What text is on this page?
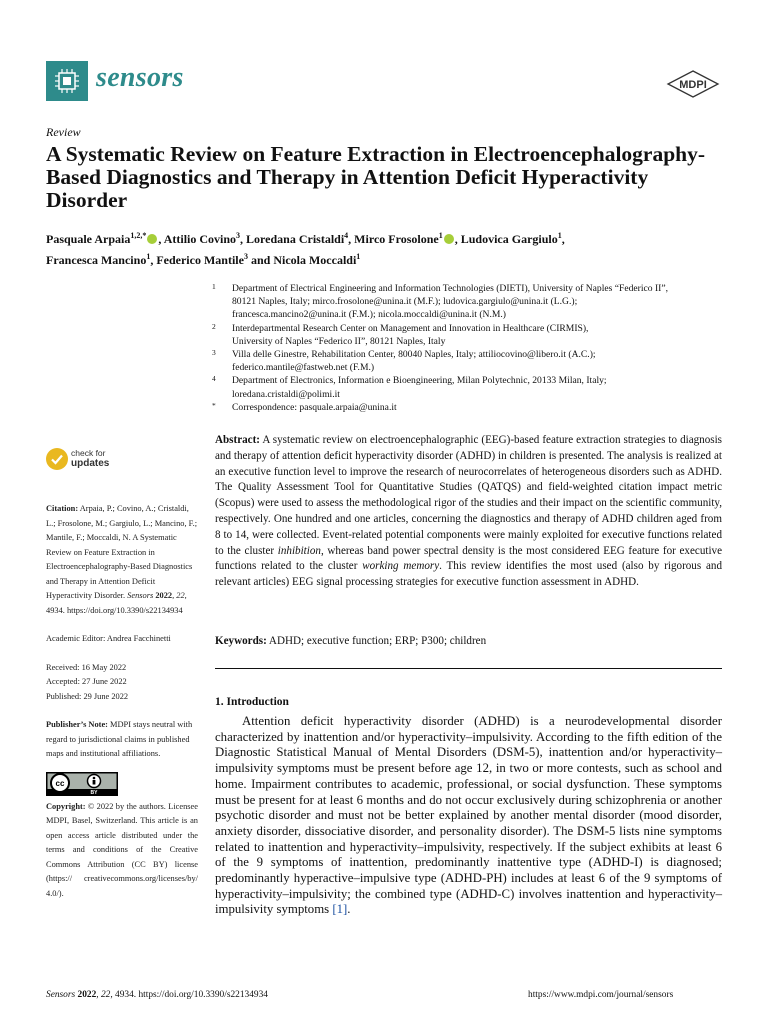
sensors	MDPI
Review
A Systematic Review on Feature Extraction in Electroencephalography-Based Diagnostics and Therapy in Attention Deficit Hyperactivity Disorder
Pasquale Arpaia$^{1,2,*}$ , Attilio Covino$^3$, Loredana Cristaldi$^4$, Mirco Frosolone$^1$ , Ludovica Gargiulo$^1$,
Francesca Mancino$^1$, Federico Mantile$^3$ and Nicola Moccaldi$^1$
1 Department of Electrical Engineering and Information Technologies (DIETI), University of Naples “Federico II”,
80121 Naples, Italy; mirco.frosolone@unina.it (M.F.); ludovica.gargiulo@unina.it (L.G.);
francesca.mancino2@unina.it (F.M.); nicola.moccaldi@unina.it (N.M.)
2 Interdepartmental Research Center on Management and Innovation in Healthcare (CIRMIS),
University of Naples “Federico II”, 80121 Naples, Italy
3 Villa delle Ginestre, Rehabilitation Center, 80040 Naples, Italy; attiliocovino@libero.it (A.C.);
federico.mantile@fastweb.net (F.M.)
4 Department of Electronics, Information e Bioengineering, Milan Polytechnic, 20133 Milan, Italy;
loredana.cristaldi@polimi.it
* Correspondence: pasquale.arpaia@unina.it
Abstract: A systematic review on electroencephalographic (EEG)-based feature extraction strategies to diagnosis and therapy of attention deficit hyperactivity disorder (ADHD) in children is presented. The analysis is realized at an executive function level to improve the research of neurocorrelates of heterogeneous disorders such as ADHD. The Quality Assessment Tool for Quantitative Studies (QATQS) and field-weighted citation impact metric (Scopus) were used to assess the methodological rigor of the studies and their impact on the scientific community, respectively. One hundred and one articles, concerning the diagnostics and therapy of ADHD children aged from 8 to 14, were collected. Event-related potential components were mainly exploited for executive functions related to the cluster inhibition, whereas band power spectral density is the most considered EEG feature for executive functions related to the cluster working memory. This review identifies the most used (also by rigorous and relevant articles) EEG signal processing strategies for executive function assessment in ADHD.
Keywords: ADHD; executive function; ERP; P300; children
check for
updates

Citation: Arpaia, P.; Covino, A.; Cristaldi, L.; Frosolone, M.; Gargiulo, L.; Mancino, F.; Mantile, F.; Moccaldi, N. A Systematic Review on Feature Extraction in Electroencephalography-Based Diagnostics and Therapy in Attention Deficit Hyperactivity Disorder. Sensors 2022, 22, 4934. https://doi.org/10.3390/s22134934

Academic Editor: Andrea Facchinetti

Received: 16 May 2022

Accepted: 27 June 2022

Published: 29 June 2022

Publisher’s Note: MDPI stays neutral with regard to jurisdictional claims in published maps and institutional affiliations.

cc
BY

Copyright: © 2022 by the authors. Licensee MDPI, Basel, Switzerland. This article is an open access article distributed under the terms and conditions of the Creative Commons Attribution (CC BY) license (https:// creativecommons.org/licenses/by/ 4.0/).

1. Introduction
Attention deficit hyperactivity disorder (ADHD) is a neurodevelopmental disorder characterized by inattention and/or hyperactivity–impulsivity. According to the fifth edition of the Diagnostic Statistical Manual of Mental Disorders (DSM-5), inattention and/or hyperactivity–impulsivity symptoms must be present before age 12, in two or more contests, such as school and home. Impairment contributes to academic, professional, or social dysfunction. These symptoms must be present for at least 6 months and do not occur exclusively during schizophrenia or another psychotic disorder and must not be better explained by another mental disorder (mood disorder, anxiety disorder, dissociative disorder, and personality disorder). The DSM-5 lists nine symptoms related to inattention and hyperactivity–impulsivity, respectively. If the subject exhibits at least 6 of the 9 symptoms of inattention, predominantly inattentive type (ADHD-I) is diagnosed; predominantly hyperactive–impulsive type (ADHD-PH) includes at least 6 of the 9 symptoms of hyperactivity–impulsivity; the combined type (ADHD-C) involves inattention and hyperactivity–impulsivity symptoms [1].
Sensors 2022, 22, 4934. https://doi.org/10.3390/s22134934	https://www.mdpi.com/journal/sensors
